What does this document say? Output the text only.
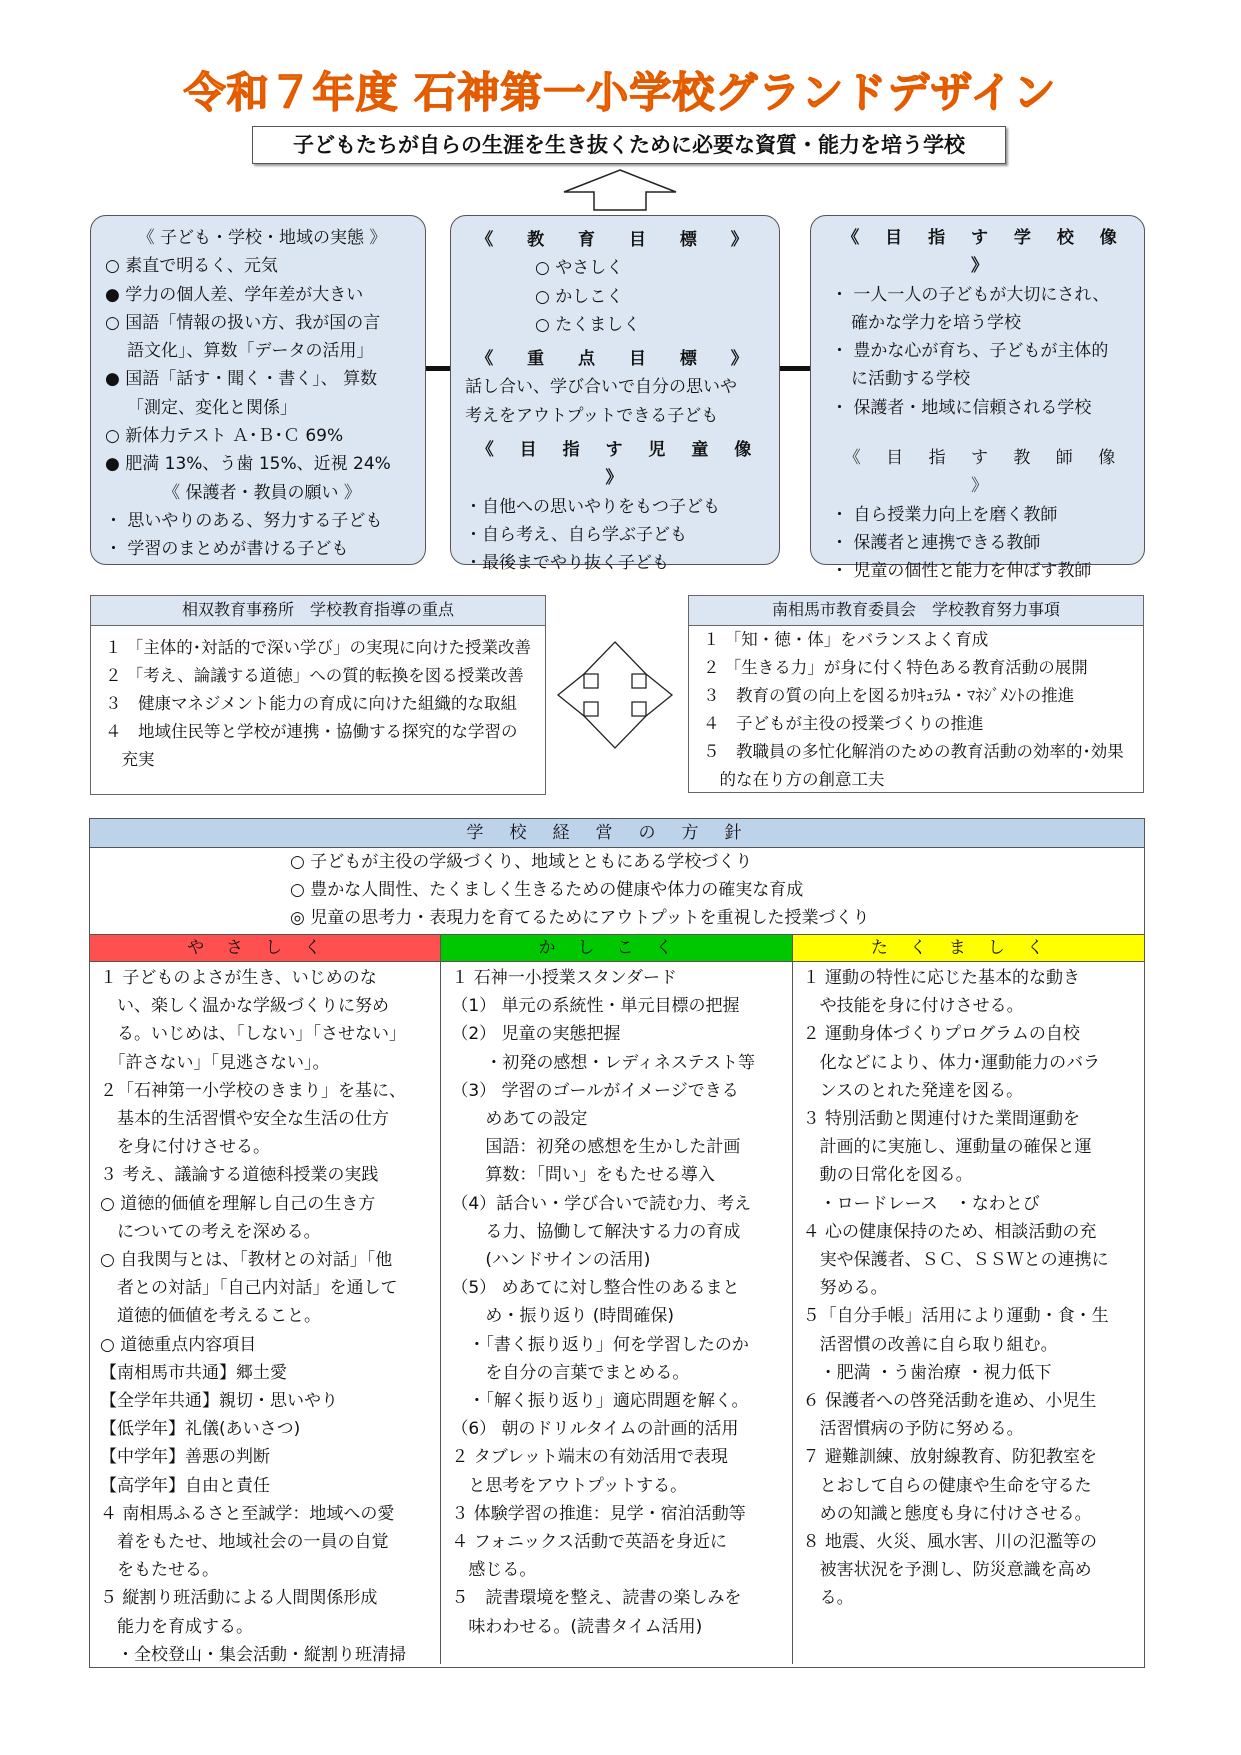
令和７年度 石神第一小学校グランドデザイン
子どもたちが自らの生涯を生き抜くために必要な資質・能力を培う学校
《 子ども・学校・地域の実態 》
○ 素直で明るく、元気
● 学力の個人差、学年差が大きい
○ 国語「情報の扱い方、我が国の言
語文化」、算数「データの活用」
● 国語「話す・聞く・書く」、 算数
「測定、変化と関係」
○ 新体力テスト Ａ･Ｂ･Ｃ 69%
● 肥満 13%、う歯 15%、近視 24%
《 保護者・教員の願い 》
・ 思いやりのある、努力する子ども
・ 学習のまとめが書ける子ども
《 教 育 目 標 》
○ やさしく
○ かしこく
○ たくましく
《 重 点 目 標 》
話し合い、学び合いで自分の思いや
考えをアウトプットできる子ども
《 目 指 す 児 童 像 》
・自他への思いやりをもつ子ども
・自ら考え、自ら学ぶ子ども
・最後までやり抜く子ども
《 目 指 す 学 校 像 》
・ 一人一人の子どもが大切にされ、
確かな学力を培う学校
・ 豊かな心が育ち、子どもが主体的
に活動する学校
・ 保護者・地域に信頼される学校
《 目 指 す 教 師 像 》
・ 自ら授業力向上を磨く教師
・ 保護者と連携できる教師
・ 児童の個性と能力を伸ばす教師
相双教育事務所　学校教育指導の重点
１ 「主体的･対話的で深い学び」の実現に向けた授業改善
２ 「考え、論議する道徳」への質的転換を図る授業改善
３　健康マネジメント能力の育成に向けた組織的な取組
４　地域住民等と学校が連携・協働する探究的な学習の
　充実
南相馬市教育委員会　学校教育努力事項
１ 「知・徳・体」をバランスよく育成
２ 「生きる力」が身に付く特色ある教育活動の展開
３　教育の質の向上を図るｶﾘｷｭﾗﾑ・ﾏﾈｼﾞﾒﾝﾄの推進
４　子どもが主役の授業づくりの推進
５　教職員の多忙化解消のための教育活動の効率的･効果
　的な在り方の創意工夫
学校経営の方針
○ 子どもが主役の学級づくり、地域とともにある学校づくり
○ 豊かな人間性、たくましく生きるための健康や体力の確実な育成
◎ 児童の思考力・表現力を育てるためにアウトプットを重視した授業づくり
やさしく
１ 子どものよさが生き、いじめのな
　い、楽しく温かな学級づくりに努め
　る。いじめは、「しない」「させない」
　「許さない」「見逃さない」。
２「石神第一小学校のきまり」を基に、
　基本的生活習慣や安全な生活の仕方
　を身に付けさせる。
３ 考え、議論する道徳科授業の実践
○ 道徳的価値を理解し自己の生き方
　についての考えを深める。
○ 自我関与とは、「教材との対話」「他
　者との対話」「自己内対話」を通して
　道徳的価値を考えること。
○ 道徳重点内容項目
【南相馬市共通】郷土愛
【全学年共通】親切・思いやり
【低学年】礼儀(あいさつ)
【中学年】善悪の判断
【高学年】自由と責任
４ 南相馬ふるさと至誠学：地域への愛
　着をもたせ、地域社会の一員の自覚
　をもたせる。
５ 縦割り班活動による人間関係形成
　能力を育成する。
　・全校登山・集会活動・縦割り班清掃
かしこく
１ 石神一小授業スタンダード
（1） 単元の系統性・単元目標の把握
（2） 児童の実態把握
　　・初発の感想・レディネステスト等
（3） 学習のゴールがイメージできる
　　めあての設定
　　国語：初発の感想を生かした計画
　　算数：「問い」をもたせる導入
（4）話合い・学び合いで読む力、考え
　　る力、協働して解決する力の育成
　　(ハンドサインの活用)
（5） めあてに対し整合性のあるまと
　　め・振り返り (時間確保)
　・「書く振り返り」何を学習したのか
　　を自分の言葉でまとめる。
　・「解く振り返り」適応問題を解く。
（6） 朝のドリルタイムの計画的活用
２ タブレット端末の有効活用で表現
　と思考をアウトプットする。
３ 体験学習の推進：見学・宿泊活動等
４ フォニックス活動で英語を身近に
　感じる。
５　読書環境を整え、読書の楽しみを
　味わわせる。(読書タイム活用)
たくましく
１ 運動の特性に応じた基本的な動き
　や技能を身に付けさせる。
２ 運動身体づくりプログラムの自校
　化などにより、体力･運動能力のバラ
　ンスのとれた発達を図る。
３ 特別活動と関連付けた業間運動を
　計画的に実施し、運動量の確保と運
　動の日常化を図る。
　・ロードレース　・なわとび
４ 心の健康保持のため、相談活動の充
　実や保護者、ＳＣ、ＳＳＷとの連携に
　努める。
５「自分手帳」活用により運動・食・生
　活習慣の改善に自ら取り組む。
　・肥満 ・う歯治療 ・視力低下
６ 保護者への啓発活動を進め、小児生
　活習慣病の予防に努める。
７ 避難訓練、放射線教育、防犯教室を
　とおして自らの健康や生命を守るた
　めの知識と態度も身に付けさせる。
８ 地震、火災、風水害、川の氾濫等の
　被害状況を予測し、防災意識を高め
　る。
